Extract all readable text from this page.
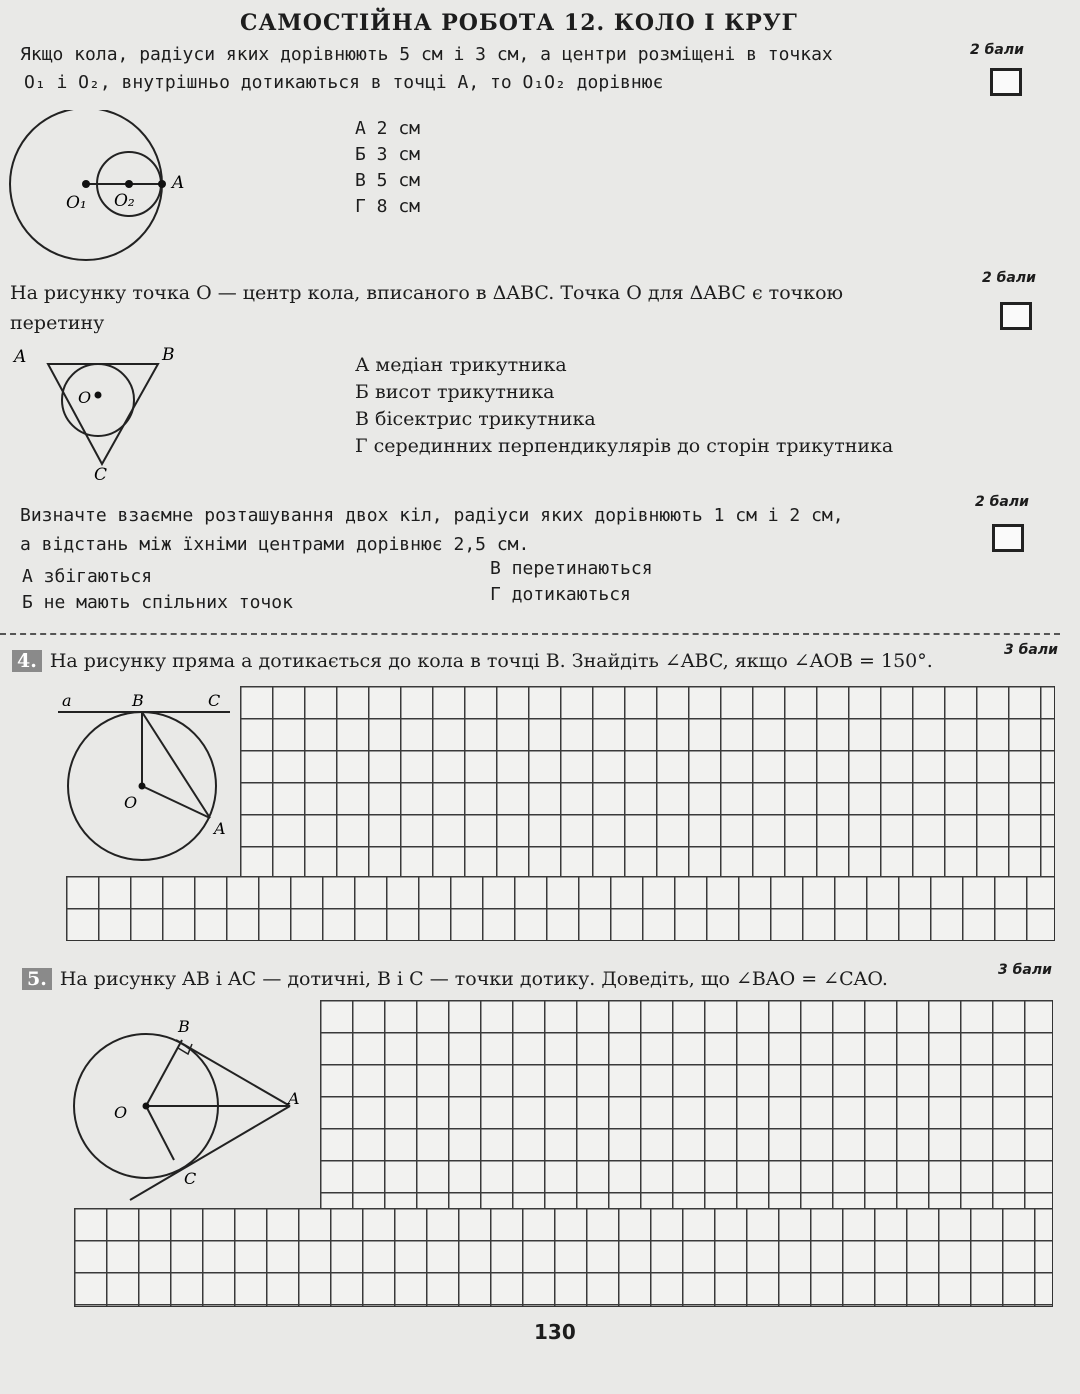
САМОСТІЙНА РОБОТА 12. КОЛО І КРУГ
Якщо кола, радіуси яких дорівнюють 5 см і 3 см, а центри розміщені в точках
O₁ і O₂, внутрішньо дотикаються в точці A, то O₁O₂ дорівнює
2 бали
O₁ O₂
A
А 2 см
Б 3 см
В 5 см
Г 8 см
На рисунку точка O — центр кола, вписаного в ΔABC. Точка O для ΔABC є точкою
перетину
2 бали
A	B
C
O
А медіан трикутника
Б висот трикутника
В бісектрис трикутника
Г серединних перпендикулярів до сторін трикутника
Визначте взаємне розташування двох кіл, радіуси яких дорівнюють 1 см і 2 см,
а відстань між їхніми центрами дорівнює 2,5 см.
2 бали
А збігаються
Б не мають спільних точок
В перетинаються
Г дотикаються
4. На рисунку пряма a дотикається до кола в точці B. Знайдіть ∠ABC, якщо ∠AOB = 150°.	3 бали
a	B	C
O
A
5. На рисунку AB і AC — дотичні, B і C — точки дотику. Доведіть, що ∠BAO = ∠CAO.	3 бали
B
O
A
C
130
